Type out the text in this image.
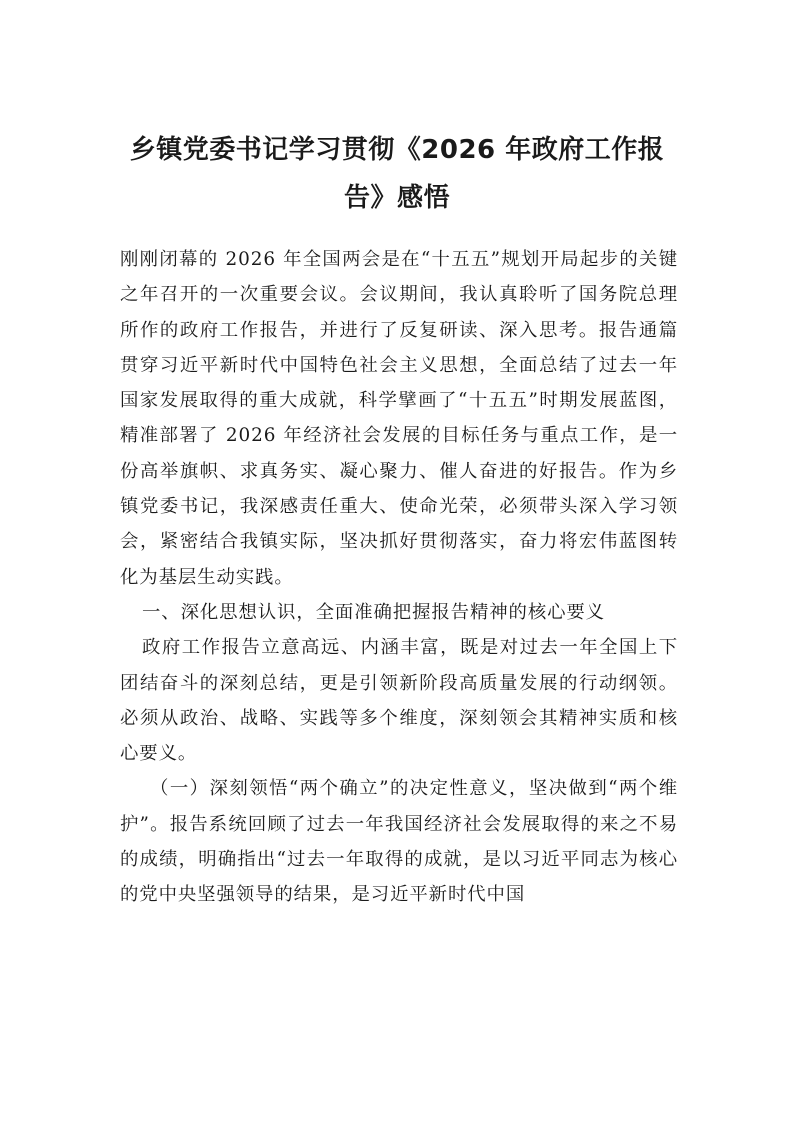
乡镇党委书记学习贯彻《2026 年政府工作报告》感悟

刚刚闭幕的 2026 年全国两会是在“十五五”规划开局起步的关键之年召开的一次重要会议。会议期间，我认真聆听了国务院总理所作的政府工作报告，并进行了反复研读、深入思考。报告通篇贯穿习近平新时代中国特色社会主义思想，全面总结了过去一年国家发展取得的重大成就，科学擘画了“十五五”时期发展蓝图，精准部署了 2026 年经济社会发展的目标任务与重点工作，是一份高举旗帜、求真务实、凝心聚力、催人奋进的好报告。作为乡镇党委书记，我深感责任重大、使命光荣，必须带头深入学习领会，紧密结合我镇实际，坚决抓好贯彻落实，奋力将宏伟蓝图转化为基层生动实践。

一、深化思想认识，全面准确把握报告精神的核心要义

政府工作报告立意高远、内涵丰富，既是对过去一年全国上下团结奋斗的深刻总结，更是引领新阶段高质量发展的行动纲领。必须从政治、战略、实践等多个维度，深刻领会其精神实质和核心要义。

（一）深刻领悟“两个确立”的决定性意义，坚决做到“两个维护”。报告系统回顾了过去一年我国经济社会发展取得的来之不易的成绩，明确指出“过去一年取得的成就，是以习近平同志为核心的党中央坚强领导的结果，是习近平新时代中国
